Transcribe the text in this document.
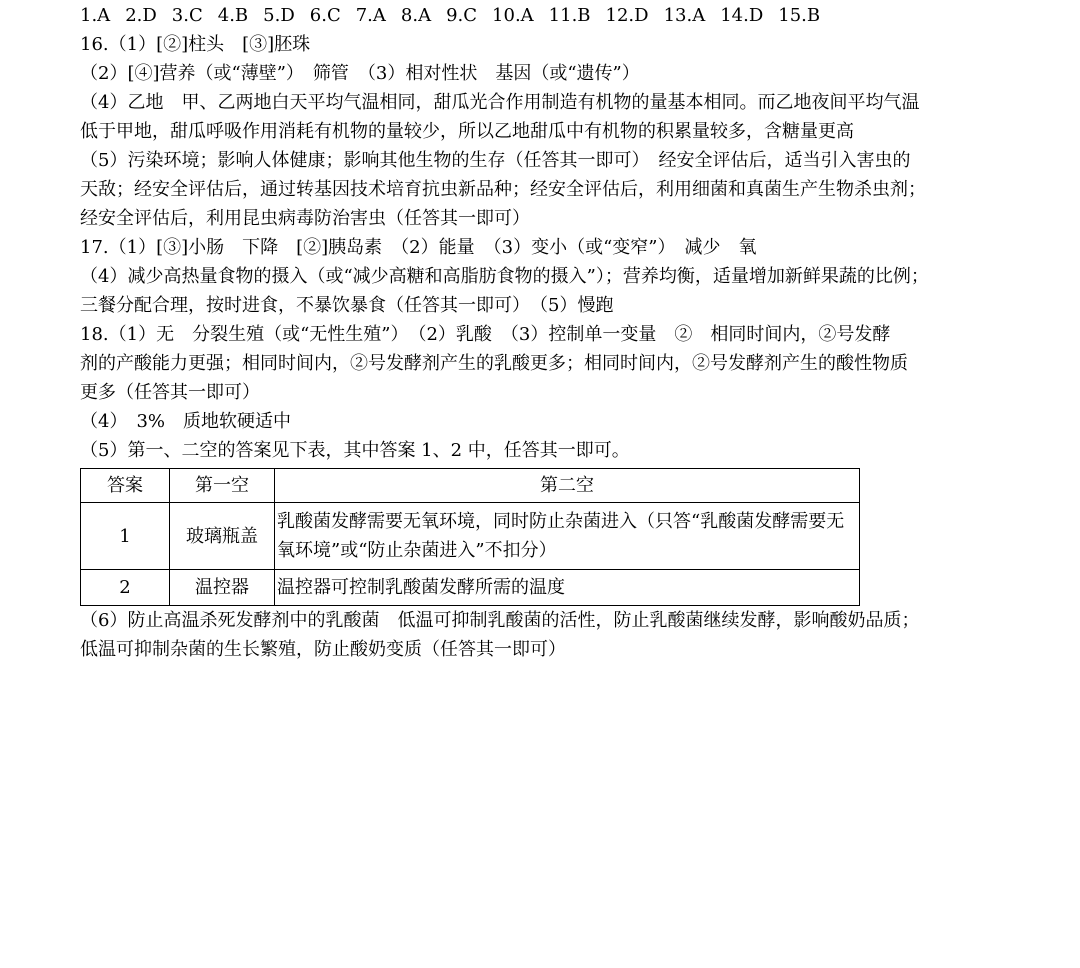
1.A 2.D 3.C 4.B 5.D 6.C 7.A 8.A 9.C 10.A 11.B 12.D 13.A 14.D 15.B
16.（1）[②]柱头　[③]胚珠
（2）[④]营养（或“薄壁”）　筛管　（3）相对性状　基因（或“遗传”）
（4）乙地　甲、乙两地白天平均气温相同，甜瓜光合作用制造有机物的量基本相同。而乙地夜间平均气温
低于甲地，甜瓜呼吸作用消耗有机物的量较少，所以乙地甜瓜中有机物的积累量较多，含糖量更高
（5）污染环境；影响人体健康；影响其他生物的生存（任答其一即可）　经安全评估后，适当引入害虫的
天敌；经安全评估后，通过转基因技术培育抗虫新品种；经安全评估后，利用细菌和真菌生产生物杀虫剂；
经安全评估后，利用昆虫病毒防治害虫（任答其一即可）
17.（1）[③]小肠　下降　[②]胰岛素　（2）能量　（3）变小（或“变窄”）　减少　氧
（4）减少高热量食物的摄入（或“减少高糖和高脂肪食物的摄入”）；营养均衡，适量增加新鲜果蔬的比例；
三餐分配合理，按时进食，不暴饮暴食（任答其一即可）　（5）慢跑
18.（1）无　分裂生殖（或“无性生殖”）　（2）乳酸　（3）控制单一变量　②　相同时间内，②号发酵
剂的产酸能力更强；相同时间内，②号发酵剂产生的乳酸更多；相同时间内，②号发酵剂产生的酸性物质
更多（任答其一即可）
（4）　3%　质地软硬适中
（5）第一、二空的答案见下表，其中答案 1、2 中，任答其一即可。
答案	第一空	第二空
1	玻璃瓶盖	乳酸菌发酵需要无氧环境，同时防止杂菌进入（只答“乳酸菌发酵需要无氧环境”或“防止杂菌进入”不扣分）
2	温控器	温控器可控制乳酸菌发酵所需的温度
（6）防止高温杀死发酵剂中的乳酸菌　低温可抑制乳酸菌的活性，防止乳酸菌继续发酵，影响酸奶品质；
低温可抑制杂菌的生长繁殖，防止酸奶变质（任答其一即可）
